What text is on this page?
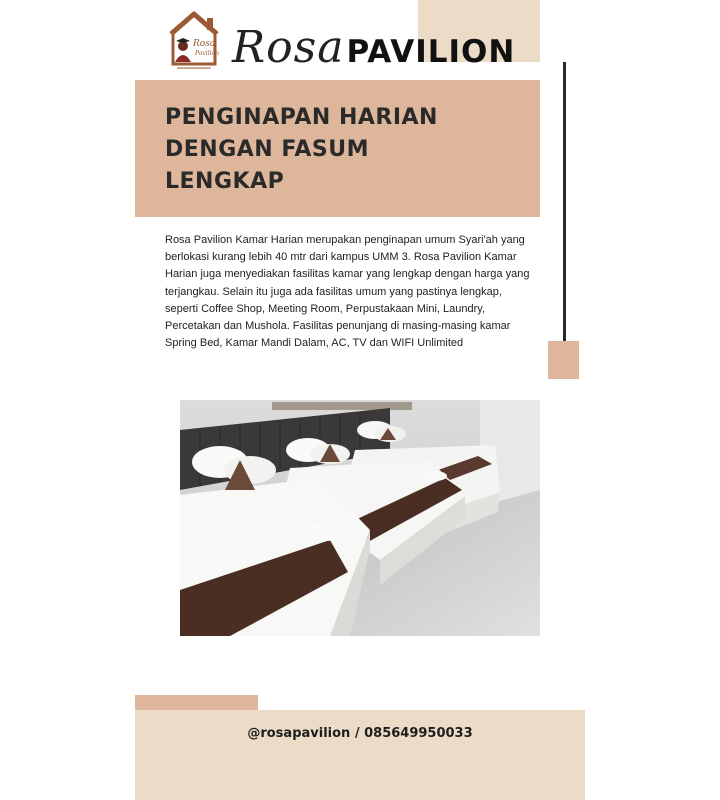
Rosa
Pavilion Rosa PAVILION
PENGINAPAN HARIAN
DENGAN FASUM
LENGKAP

Rosa Pavilion Kamar Harian merupakan penginapan umum Syari'ah yang berlokasi kurang lebih 40 mtr dari kampus UMM 3. Rosa Pavilion Kamar Harian juga menyediakan fasilitas kamar yang lengkap dengan harga yang terjangkau. Selain itu juga ada fasilitas umum yang pastinya lengkap, seperti Coffee Shop, Meeting Room, Perpustakaan Mini, Laundry, Percetakan dan Mushola. Fasilitas penunjang di masing-masing kamar Spring Bed, Kamar Mandi Dalam, AC, TV dan WIFI Unlimited

@rosapavilion / 085649950033
